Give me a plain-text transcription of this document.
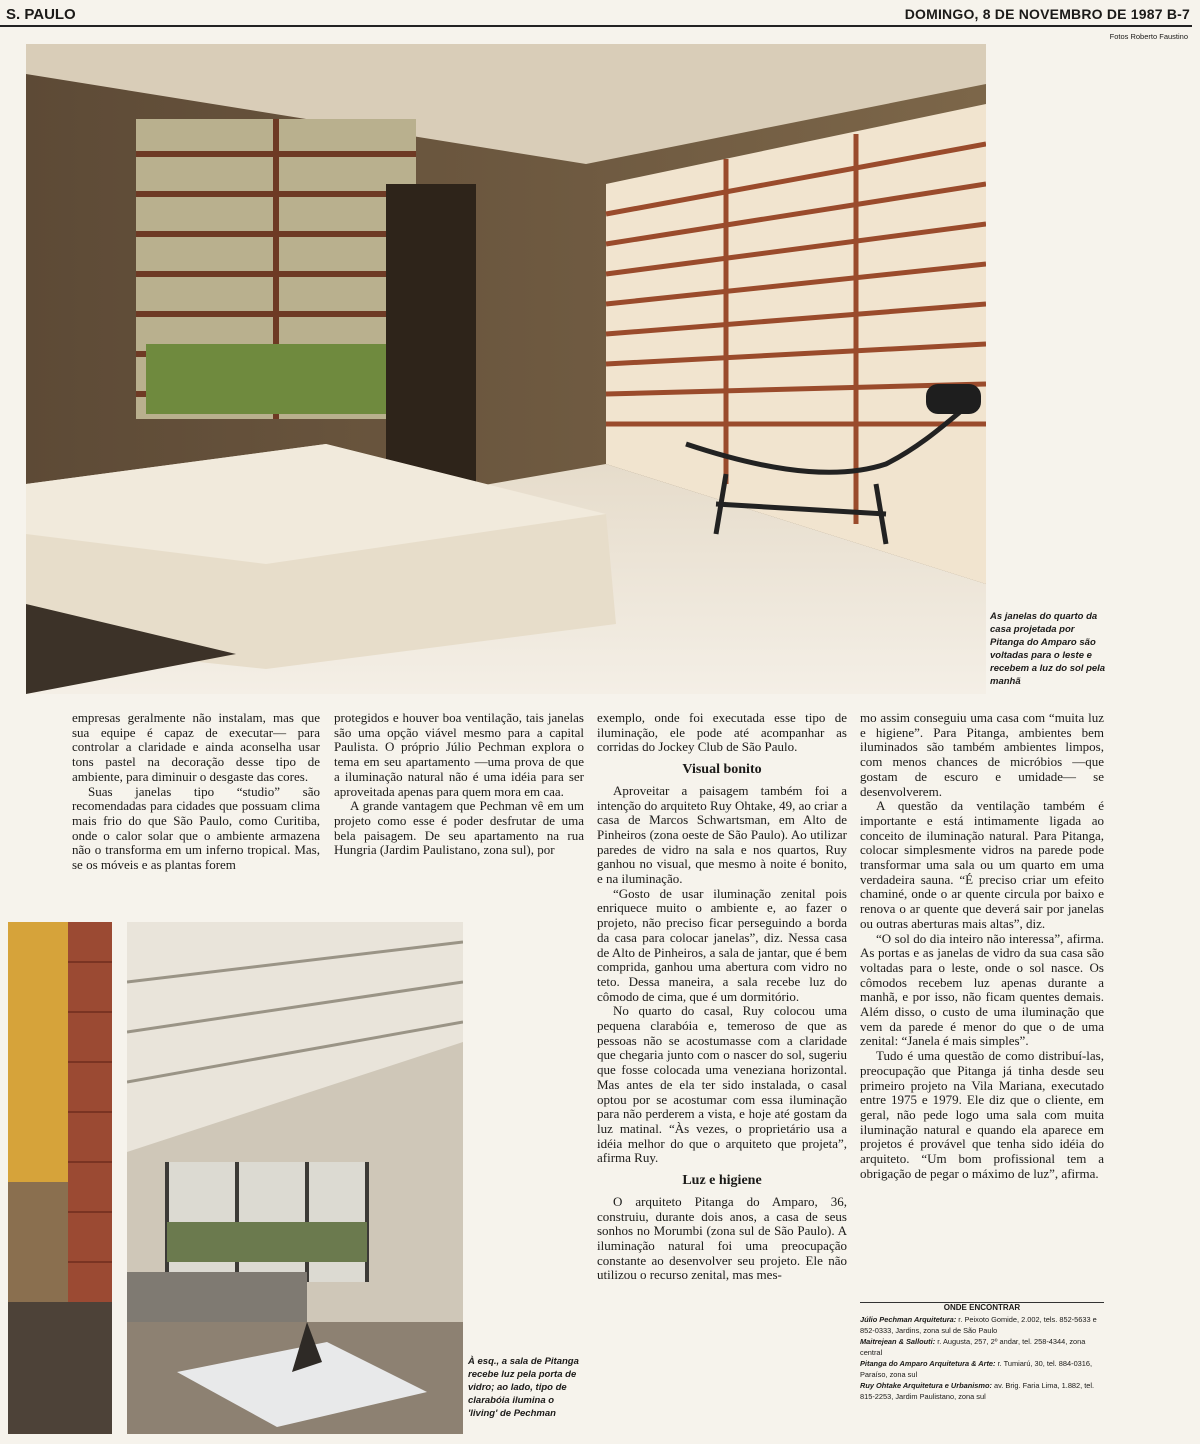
S. PAULO	DOMINGO, 8 DE NOVEMBRO DE 1987 B-7
Fotos Roberto Faustino
As janelas do quarto da casa projetada por Pitanga do Amparo são voltadas para o leste e recebem a luz do sol pela manhã

empresas geralmente não instalam, mas que sua equipe é capaz de executar— para controlar a claridade e ainda aconselha usar tons pastel na decoração desse tipo de ambiente, para diminuir o desgaste das cores.

Suas janelas tipo “studio” são recomendadas para cidades que possuam clima mais frio do que São Paulo, como Curitiba, onde o calor solar que o ambiente armazena não o transforma em um inferno tropical. Mas, se os móveis e as plantas forem

protegidos e houver boa ventilação, tais janelas são uma opção viável mesmo para a capital Paulista. O próprio Júlio Pechman explora o tema em seu apartamento —uma prova de que a iluminação natural não é uma idéia para ser aproveitada apenas para quem mora em caa.

A grande vantagem que Pechman vê em um projeto como esse é poder desfrutar de uma bela paisagem. De seu apartamento na rua Hungria (Jardim Paulistano, zona sul), por

exemplo, onde foi executada esse tipo de iluminação, ele pode até acompanhar as corridas do Jockey Club de São Paulo.

Visual bonito

Aproveitar a paisagem também foi a intenção do arquiteto Ruy Ohtake, 49, ao criar a casa de Marcos Schwartsman, em Alto de Pinheiros (zona oeste de São Paulo). Ao utilizar paredes de vidro na sala e nos quartos, Ruy ganhou no visual, que mesmo à noite é bonito, e na iluminação.

“Gosto de usar iluminação zenital pois enriquece muito o ambiente e, ao fazer o projeto, não preciso ficar perseguindo a borda da casa para colocar janelas”, diz. Nessa casa de Alto de Pinheiros, a sala de jantar, que é bem comprida, ganhou uma abertura com vidro no teto. Dessa maneira, a sala recebe luz do cômodo de cima, que é um dormitório.

No quarto do casal, Ruy colocou uma pequena clarabóia e, temeroso de que as pessoas não se acostumasse com a claridade que chegaria junto com o nascer do sol, sugeriu que fosse colocada uma veneziana horizontal. Mas antes de ela ter sido instalada, o casal optou por se acostumar com essa iluminação para não perderem a vista, e hoje até gostam da luz matinal. “Às vezes, o proprietário usa a idéia melhor do que o arquiteto que projeta”, afirma Ruy.

Luz e higiene

O arquiteto Pitanga do Amparo, 36, construiu, durante dois anos, a casa de seus sonhos no Morumbi (zona sul de São Paulo). A iluminação natural foi uma preocupação constante ao desenvolver seu projeto. Ele não utilizou o recurso zenital, mas mes-

mo assim conseguiu uma casa com “muita luz e higiene”. Para Pitanga, ambientes bem iluminados são também ambientes limpos, com menos chances de micróbios —que gostam de escuro e umidade— se desenvolverem.

A questão da ventilação também é importante e está intimamente ligada ao conceito de iluminação natural. Para Pitanga, colocar simplesmente vidros na parede pode transformar uma sala ou um quarto em uma verdadeira sauna. “É preciso criar um efeito chaminé, onde o ar quente circula por baixo e renova o ar quente que deverá sair por janelas ou outras aberturas mais altas”, diz.

“O sol do dia inteiro não interessa”, afirma. As portas e as janelas de vidro da sua casa são voltadas para o leste, onde o sol nasce. Os cômodos recebem luz apenas durante a manhã, e por isso, não ficam quentes demais. Além disso, o custo de uma iluminação que vem da parede é menor do que o de uma zenital: “Janela é mais simples”.

Tudo é uma questão de como distribuí-las, preocupação que Pitanga já tinha desde seu primeiro projeto na Vila Mariana, executado entre 1975 e 1979. Ele diz que o cliente, em geral, não pede logo uma sala com muita iluminação natural e quando ela aparece em projetos é provável que tenha sido idéia do arquiteto. “Um bom profissional tem a obrigação de pegar o máximo de luz”, afirma.

ONDE ENCONTRAR
Júlio Pechman Arquitetura: r. Peixoto Gomide, 2.002, tels. 852-5633 e 852-0333, Jardins, zona sul de São Paulo
Maitrejean & Sallouti: r. Augusta, 257, 2º andar, tel. 258-4344, zona central
Pitanga do Amparo Arquitetura & Arte: r. Tumiarú, 30, tel. 884-0316, Paraíso, zona sul
Ruy Ohtake Arquitetura e Urbanismo: av. Brig. Faria Lima, 1.882, tel. 815-2253, Jardim Paulistano, zona sul
À esq., a sala de Pitanga recebe luz pela porta de vidro; ao lado, tipo de clarabóia ilumina o 'living' de Pechman
